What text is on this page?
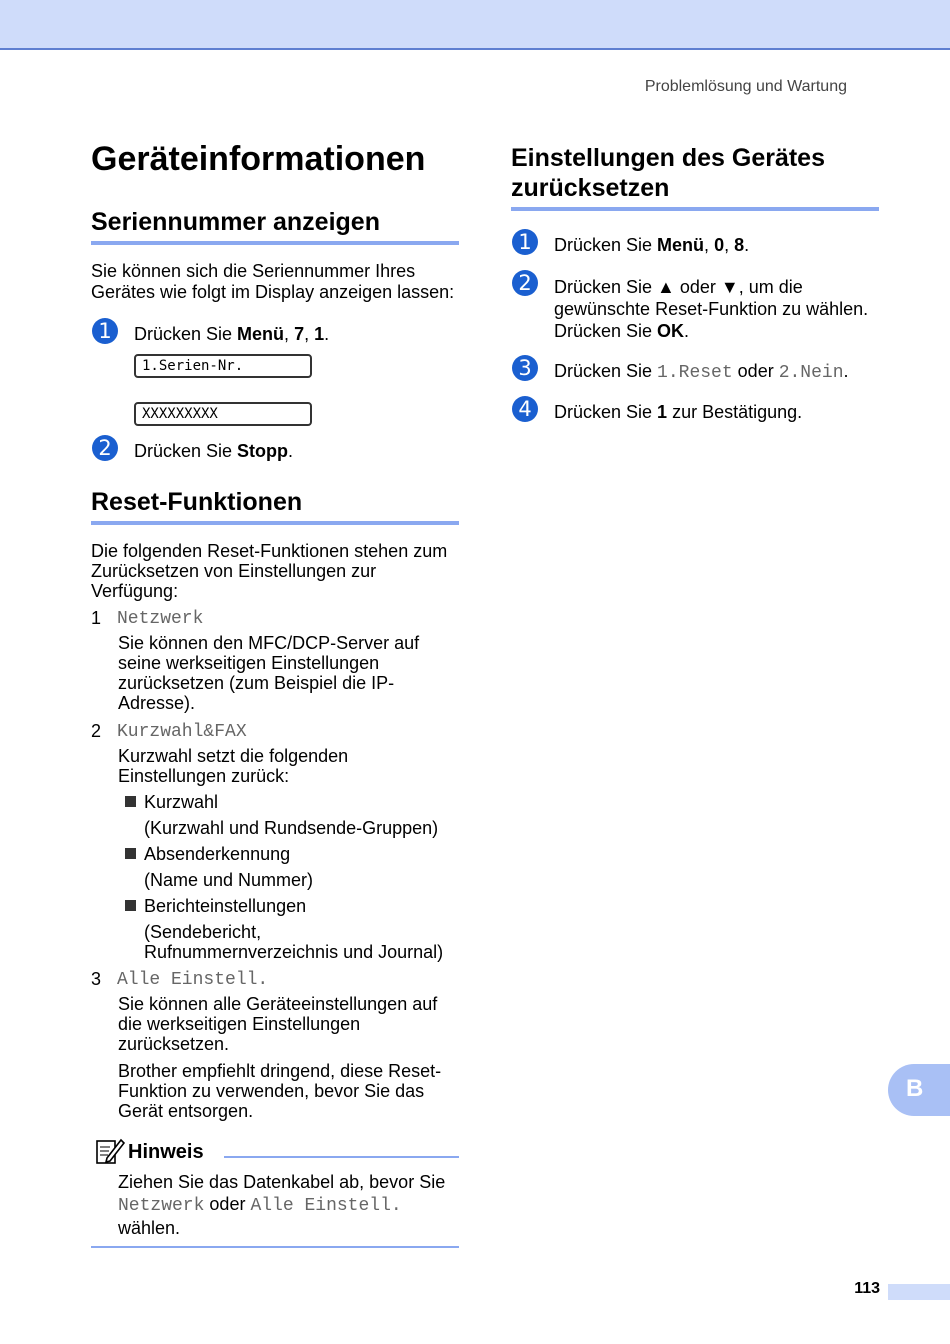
Problemlösung und Wartung
Geräteinformationen
Seriennummer anzeigen
Sie können sich die Seriennummer Ihres Gerätes wie folgt im Display anzeigen lassen:
1	Drücken Sie Menü, 7, 1.
1.Serien-Nr.
XXXXXXXXX
2	Drücken Sie Stopp.
Reset-Funktionen
Die folgenden Reset-Funktionen stehen zum Zurücksetzen von Einstellungen zur Verfügung:
1 Netzwerk
Sie können den MFC/DCP-Server auf seine werkseitigen Einstellungen zurücksetzen (zum Beispiel die IP-Adresse).
2 Kurzwahl&FAX
Kurzwahl setzt die folgenden Einstellungen zurück:
Kurzwahl
(Kurzwahl und Rundsende-Gruppen)
Absenderkennung
(Name und Nummer)
Berichteinstellungen
(Sendebericht, Rufnummernverzeichnis und Journal)
3 Alle Einstell.
Sie können alle Geräteeinstellungen auf die werkseitigen Einstellungen zurücksetzen.
Brother empfiehlt dringend, diese Reset-Funktion zu verwenden, bevor Sie das Gerät entsorgen.
Hinweis
Ziehen Sie das Datenkabel ab, bevor Sie Netzwerk oder Alle Einstell. wählen.
Einstellungen des Gerätes zurücksetzen
1	Drücken Sie Menü, 0, 8.
2	Drücken Sie ▲ oder ▼, um die gewünschte Reset-Funktion zu wählen.
Drücken Sie OK.
3	Drücken Sie 1.Reset oder 2.Nein.
4	Drücken Sie 1 zur Bestätigung.
B
113
